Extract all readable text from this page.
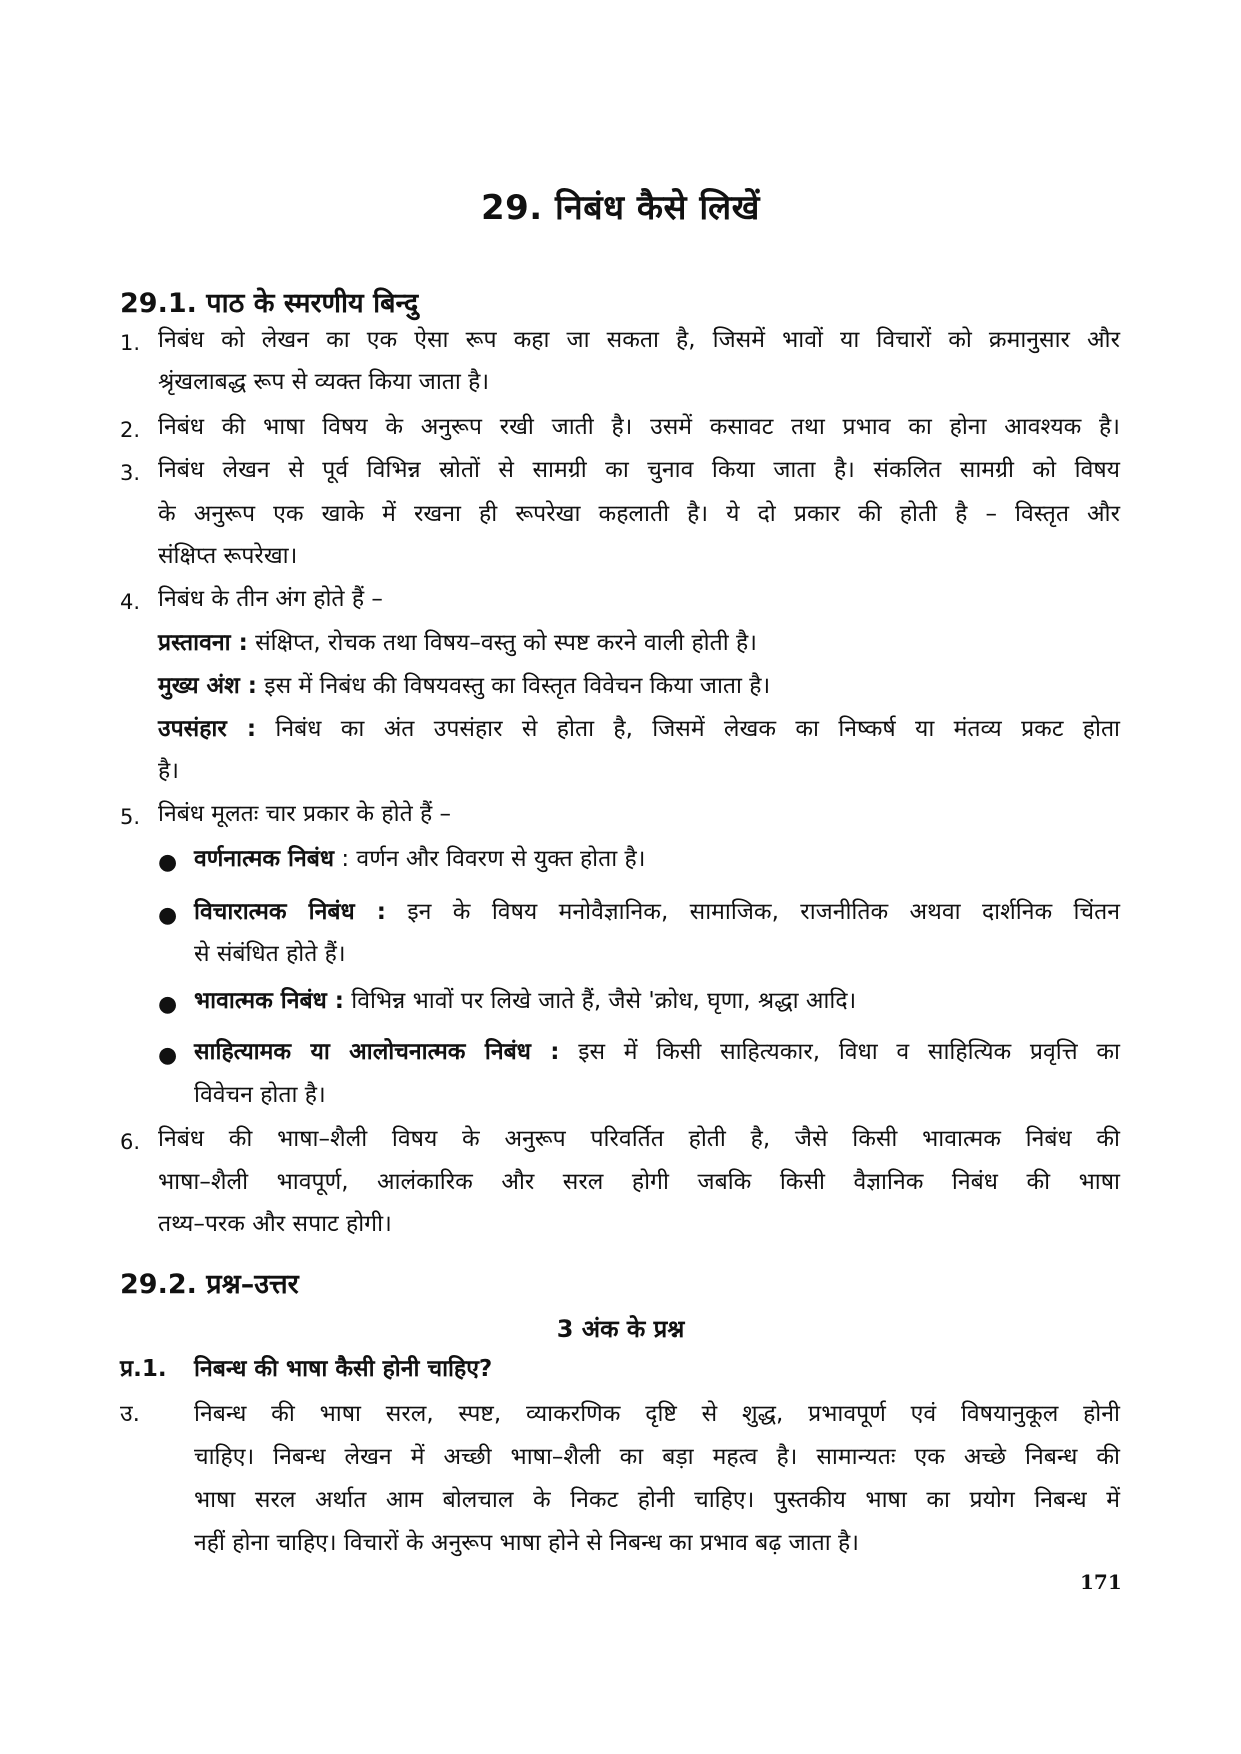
29. निबंध कैसे लिखें
29.1. पाठ के स्मरणीय बिन्दु
1. निबंध को लेखन का एक ऐसा रूप कहा जा सकता है, जिसमें भावों या विचारों को क्रमानुसार और
श्रृंखलाबद्ध रूप से व्यक्त किया जाता है।
2. निबंध की भाषा विषय के अनुरूप रखी जाती है। उसमें कसावट तथा प्रभाव का होना आवश्यक है।
3. निबंध लेखन से पूर्व विभिन्न स्रोतों से सामग्री का चुनाव किया जाता है। संकलित सामग्री को विषय
के अनुरूप एक खाके में रखना ही रूपरेखा कहलाती है। ये दो प्रकार की होती है – विस्तृत और
संक्षिप्त रूपरेखा।
4. निबंध के तीन अंग होते हैं –
प्रस्तावना : संक्षिप्त, रोचक तथा विषय–वस्तु को स्पष्ट करने वाली होती है।
मुख्य अंश : इस में निबंध की विषयवस्तु का विस्तृत विवेचन किया जाता है।
उपसंहार : निबंध का अंत उपसंहार से होता है, जिसमें लेखक का निष्कर्ष या मंतव्य प्रकट होता
है।
5. निबंध मूलतः चार प्रकार के होते हैं –
● वर्णनात्मक निबंध : वर्णन और विवरण से युक्त होता है।
● विचारात्मक निबंध : इन के विषय मनोवैज्ञानिक, सामाजिक, राजनीतिक अथवा दार्शनिक चिंतन
से संबंधित होते हैं।
● भावात्मक निबंध : विभिन्न भावों पर लिखे जाते हैं, जैसे 'क्रोध, घृणा, श्रद्धा आदि।
● साहित्यामक या आलोचनात्मक निबंध : इस में किसी साहित्यकार, विधा व साहित्यिक प्रवृत्ति का
विवेचन होता है।
6. निबंध की भाषा–शैली विषय के अनुरूप परिवर्तित होती है, जैसे किसी भावात्मक निबंध की
भाषा–शैली भावपूर्ण, आलंकारिक और सरल होगी जबकि किसी वैज्ञानिक निबंध की भाषा
तथ्य–परक और सपाट होगी।
29.2. प्रश्न–उत्तर
3 अंक के प्रश्न
प्र.1. निबन्ध की भाषा कैसी होनी चाहिए?
उ. निबन्ध की भाषा सरल, स्पष्ट, व्याकरणिक दृष्टि से शुद्ध, प्रभावपूर्ण एवं विषयानुकूल होनी
चाहिए। निबन्ध लेखन में अच्छी भाषा–शैली का बड़ा महत्व है। सामान्यतः एक अच्छे निबन्ध की
भाषा सरल अर्थात आम बोलचाल के निकट होनी चाहिए। पुस्तकीय भाषा का प्रयोग निबन्ध में
नहीं होना चाहिए। विचारों के अनुरूप भाषा होने से निबन्ध का प्रभाव बढ़ जाता है।
171
